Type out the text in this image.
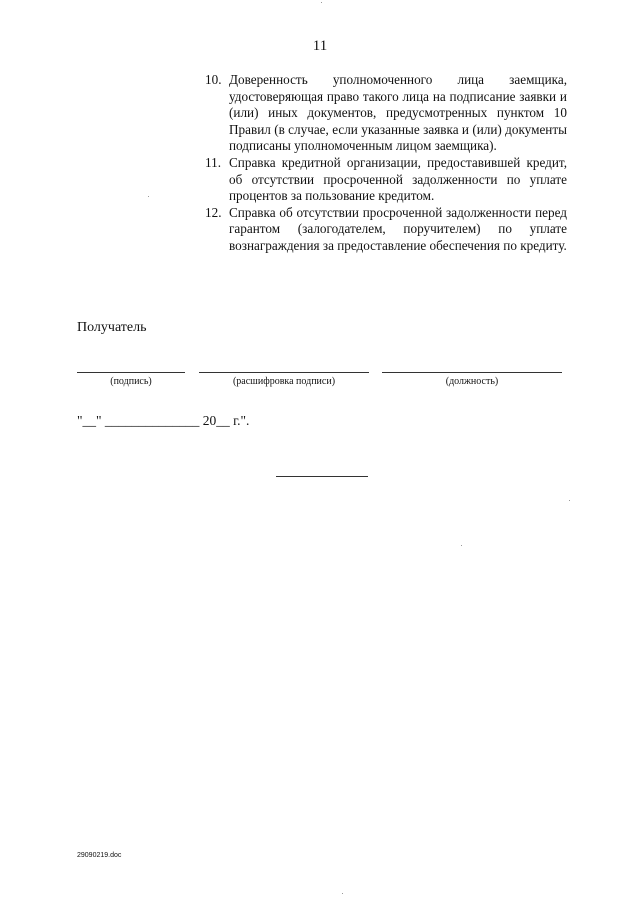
11
10. Доверенность уполномоченного лица заемщика, удостоверяющая право такого лица на подписание заявки и (или) иных документов, предусмотренных пунктом 10 Правил (в случае, если указанные заявка и (или) документы подписаны уполномоченным лицом заемщика).
11. Справка кредитной организации, предоставившей кредит, об отсутствии просроченной задолженности по уплате процентов за пользование кредитом.
12. Справка об отсутствии просроченной задолженности перед гарантом (залогодателем, поручителем) по уплате вознаграждения за предоставление обеспечения по кредиту.
Получатель
(подпись)	(расшифровка подписи)	(должность)
"__" ______________ 20__ г.".
29090219.doc
